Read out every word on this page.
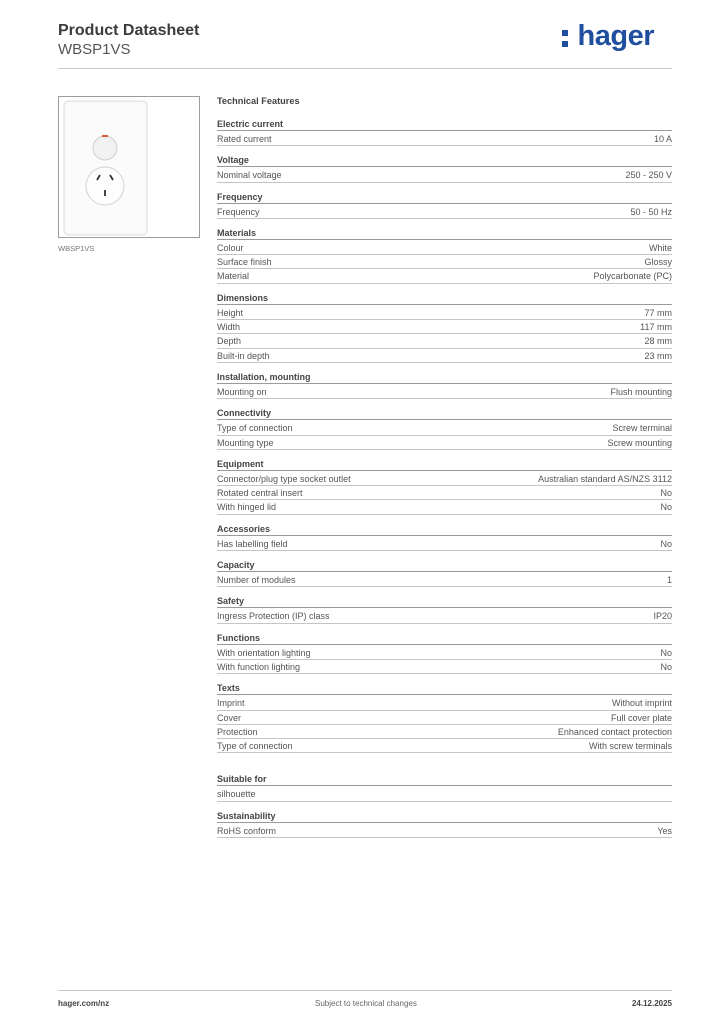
Product Datasheet
WBSP1VS	hager
WBSP1VS
Technical Features
Electric current
Rated current	10 A
Voltage
Nominal voltage	250 - 250 V
Frequency
Frequency	50 - 50 Hz
Materials
Colour	White
Surface finish	Glossy
Material	Polycarbonate (PC)
Dimensions
Height	77 mm
Width	117 mm
Depth	28 mm
Built-in depth	23 mm
Installation, mounting
Mounting on	Flush mounting
Connectivity
Type of connection	Screw terminal
Mounting type	Screw mounting
Equipment
Connector/plug type socket outlet	Australian standard AS/NZS 3112
Rotated central insert	No
With hinged lid	No
Accessories
Has labelling field	No
Capacity
Number of modules	1
Safety
Ingress Protection (IP) class	IP20
Functions
With orientation lighting	No
With function lighting	No
Texts
Imprint	Without imprint
Cover	Full cover plate
Protection	Enhanced contact protection
Type of connection	With screw terminals
Suitable for
silhouette
Sustainability
RoHS conform	Yes
hager.com/nz	Subject to technical changes	24.12.2025
